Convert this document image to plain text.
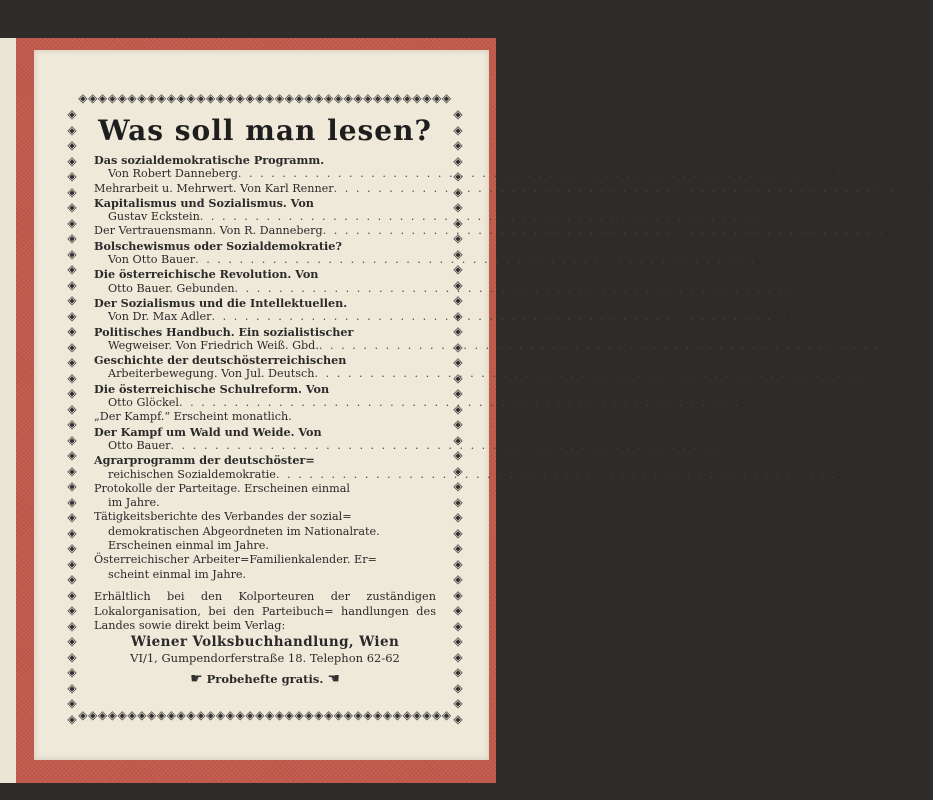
◈◈◈◈◈◈◈◈◈◈◈◈◈◈◈◈◈◈◈◈◈◈◈◈◈◈◈◈◈◈◈◈◈◈◈◈◈◈
◈◈◈◈◈◈◈◈◈◈◈◈◈◈◈◈◈◈◈◈◈◈◈◈◈◈◈◈◈◈◈◈◈◈◈◈◈◈
◈
◈
◈
◈
◈
◈
◈
◈
◈
◈
◈
◈
◈
◈
◈
◈
◈
◈
◈
◈
◈
◈
◈
◈
◈
◈
◈
◈
◈
◈
◈
◈
◈
◈
◈
◈
◈
◈
◈
◈

◈
◈
◈
◈
◈
◈
◈
◈
◈
◈
◈
◈
◈
◈
◈
◈
◈
◈
◈
◈
◈
◈
◈
◈
◈
◈
◈
◈
◈
◈
◈
◈
◈
◈
◈
◈
◈
◈
◈
◈

Was soll man lesen?
Das sozialdemokratische Programm.
Von Robert Danneberg . . .	S —'80
Mehrarbeit u. Mehrwert. Von Karl Renner . . .	S —'20
Kapitalismus und Sozialismus. Von
Gustav Eckstein . . .	S 1'50
Der Vertrauensmann. Von R. Danneberg . . .	S —'30
Bolschewismus oder Sozialdemokratie?
Von Otto Bauer . . .	S —'60
Die österreichische Revolution. Von
Otto Bauer. Gebunden . . .	S 4'—
Der Sozialismus und die Intellektuellen.
Von Dr. Max Adler . . .	S 1'50
Politisches Handbuch. Ein sozialistischer
Wegweiser. Von Friedrich Weiß. Gbd. . . .	S 6'—
Geschichte der deutschösterreichischen
Arbeiterbewegung. Von Jul. Deutsch . . .	S —'50
Die österreichische Schulreform. Von
Otto Glöckel . . .	S —'60
„Der Kampf.“ Erscheint monatlich.
Der Kampf um Wald und Weide. Von
Otto Bauer . . .	S 5'—
Agrarprogramm der deutschöster=
reichischen Sozialdemokratie . . .	S —'50
Protokolle der Parteitage. Erscheinen einmal
im Jahre.
Tätigkeitsberichte des Verbandes der sozial=
demokratischen Abgeordneten im Nationalrate.
Erscheinen einmal im Jahre.
Österreichischer Arbeiter=Familienkalender. Er=
scheint einmal im Jahre.
Erhältlich bei den Kolporteuren der zuständigen Lokalorganisation, bei den Parteibuch= handlungen des Landes sowie direkt beim Verlag:
Wiener Volksbuchhandlung, Wien
VI/1, Gumpendorferstraße 18. Telephon 62-62
☛ Probehefte gratis. ☚
